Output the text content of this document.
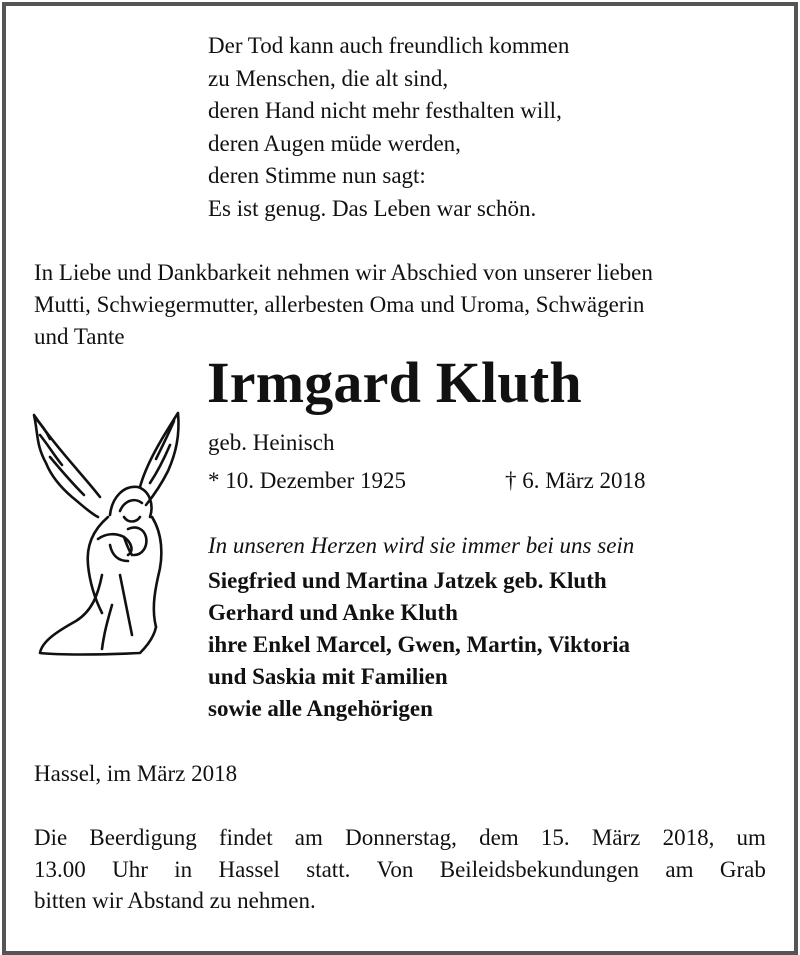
Der Tod kann auch freundlich kommen
zu Menschen, die alt sind,
deren Hand nicht mehr festhalten will,
deren Augen müde werden,
deren Stimme nun sagt:
Es ist genug. Das Leben war schön.
In Liebe und Dankbarkeit nehmen wir Abschied von unserer lieben
Mutti, Schwiegermutter, allerbesten Oma und Uroma, Schwägerin
und Tante
Irmgard Kluth
geb. Heinisch
* 10. Dezember 1925	† 6. März 2018
In unseren Herzen wird sie immer bei uns sein
Siegfried und Martina Jatzek geb. Kluth
Gerhard und Anke Kluth
ihre Enkel Marcel, Gwen, Martin, Viktoria
und Saskia mit Familien
sowie alle Angehörigen
Hassel, im März 2018
Die Beerdigung findet am Donnerstag, dem 15. März 2018, um
13.00 Uhr in Hassel statt. Von Beileidsbekundungen am Grab
bitten wir Abstand zu nehmen.
